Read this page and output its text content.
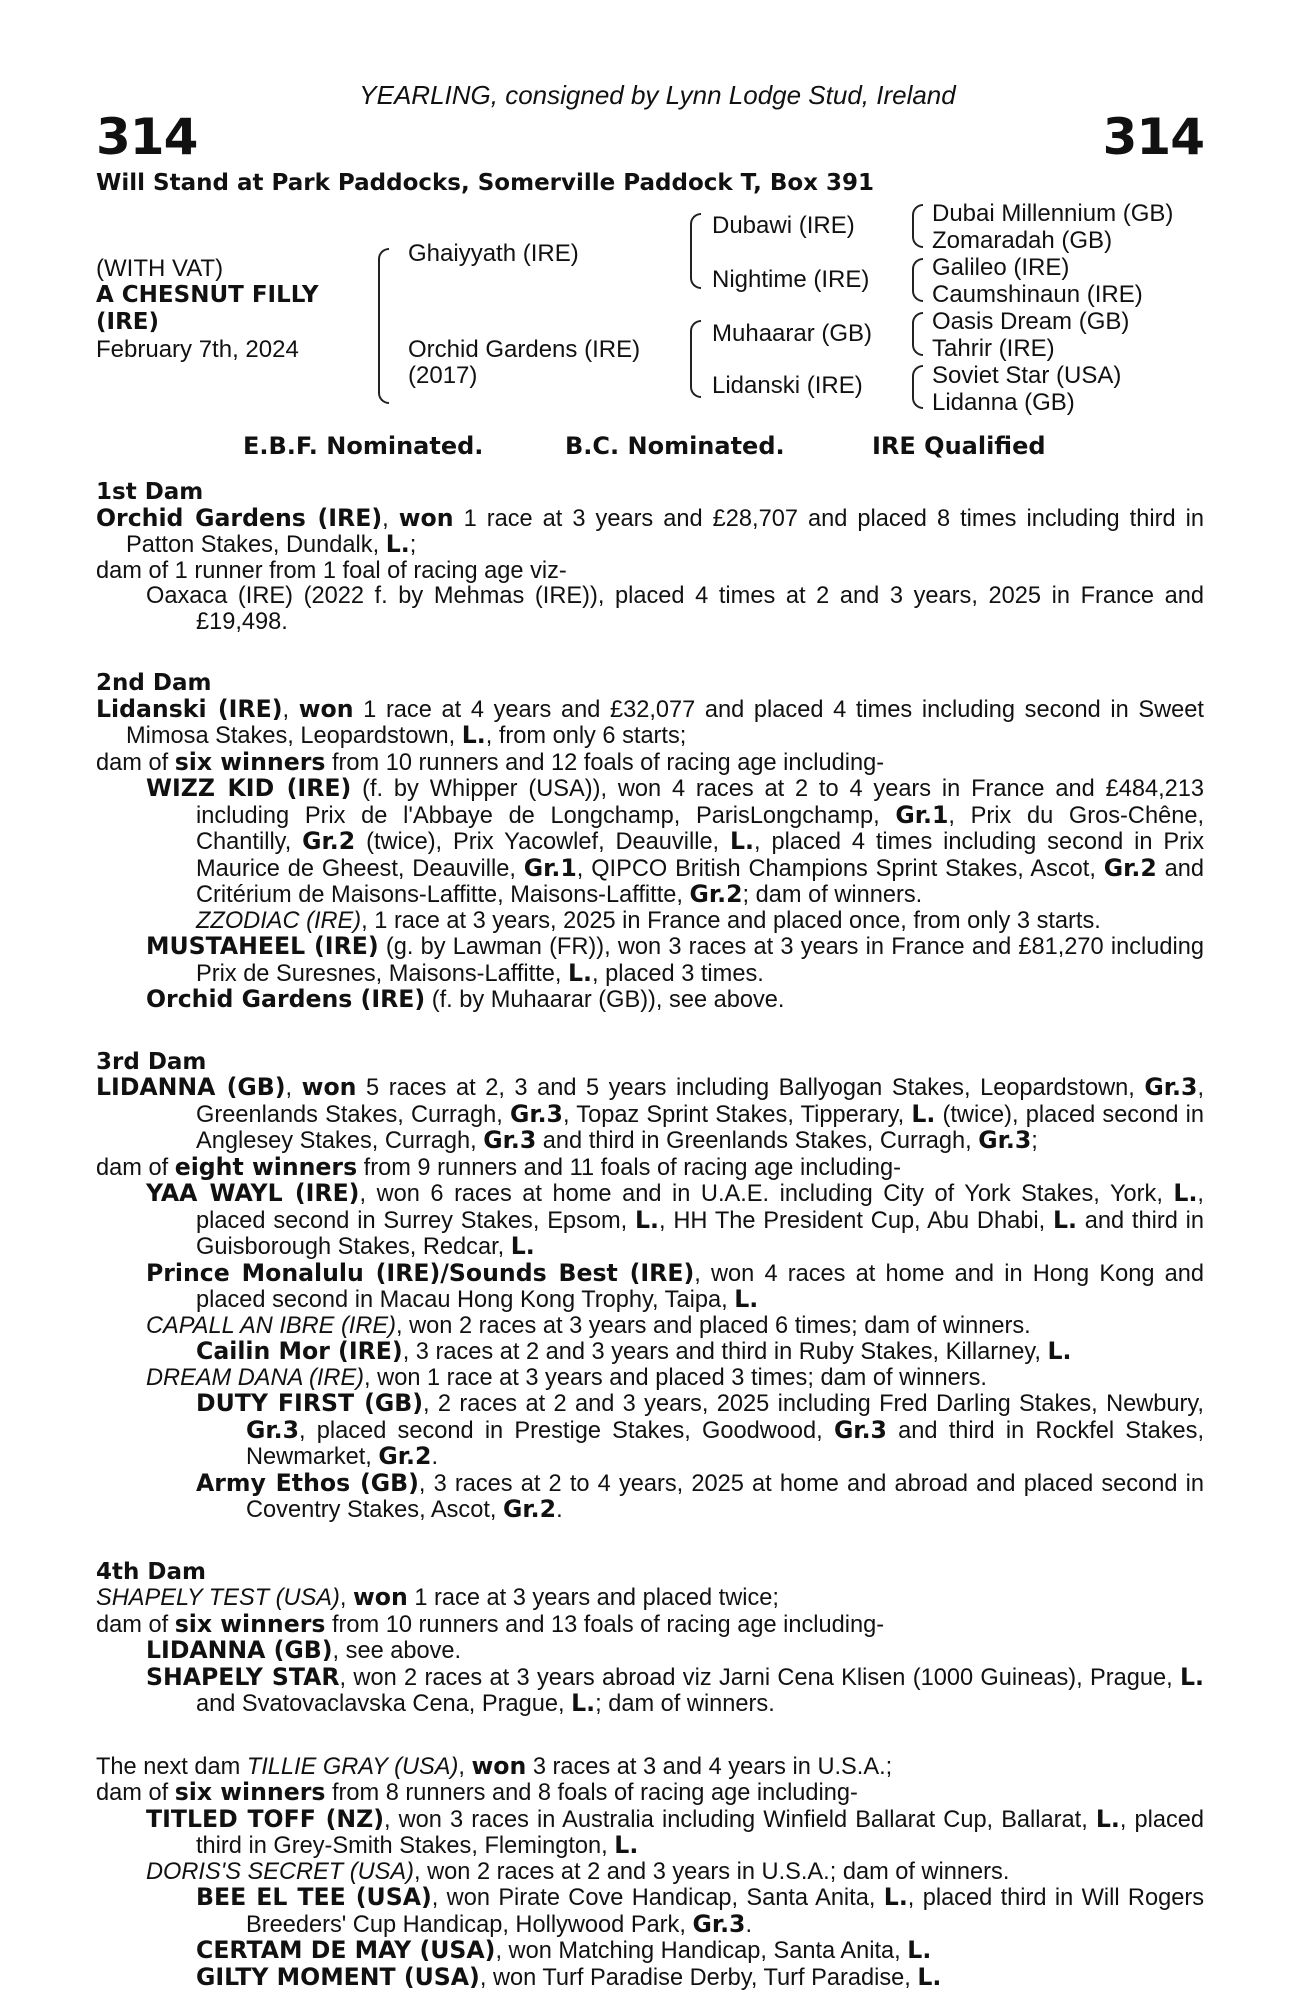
YEARLING, consigned by Lynn Lodge Stud, Ireland
314	314
Will Stand at Park Paddocks, Somerville Paddock T, Box 391
(WITH VAT)
A CHESNUT FILLY
(IRE)
February 7th, 2024
Ghaiyyath (IRE)
Orchid Gardens (IRE)
(2017)
Dubawi (IRE)
Nightime (IRE)
Muhaarar (GB)
Lidanski (IRE)
Dubai Millennium (GB)
Zomaradah (GB)
Galileo (IRE)
Caumshinaun (IRE)
Oasis Dream (GB)
Tahrir (IRE)
Soviet Star (USA)
Lidanna (GB)
E.B.F. Nominated.	B.C. Nominated.	IRE Qualified
1st Dam
Orchid Gardens (IRE), won 1 race at 3 years and £28,707 and placed 8 times including third in Patton Stakes, Dundalk, L.;
dam of 1 runner from 1 foal of racing age viz-
Oaxaca (IRE) (2022 f. by Mehmas (IRE)), placed 4 times at 2 and 3 years, 2025 in France and £19,498.
2nd Dam
Lidanski (IRE), won 1 race at 4 years and £32,077 and placed 4 times including second in Sweet Mimosa Stakes, Leopardstown, L., from only 6 starts;
dam of six winners from 10 runners and 12 foals of racing age including-
WIZZ KID (IRE) (f. by Whipper (USA)), won 4 races at 2 to 4 years in France and £484,213 including Prix de l'Abbaye de Longchamp, ParisLongchamp, Gr.1, Prix du Gros-Chêne, Chantilly, Gr.2 (twice), Prix Yacowlef, Deauville, L., placed 4 times including second in Prix Maurice de Gheest, Deauville, Gr.1, QIPCO British Champions Sprint Stakes, Ascot, Gr.2 and Critérium de Maisons-Laffitte, Maisons-Laffitte, Gr.2; dam of winners.
ZZODIAC (IRE), 1 race at 3 years, 2025 in France and placed once, from only 3 starts.
MUSTAHEEL (IRE) (g. by Lawman (FR)), won 3 races at 3 years in France and £81,270 including Prix de Suresnes, Maisons-Laffitte, L., placed 3 times.
Orchid Gardens (IRE) (f. by Muhaarar (GB)), see above.
3rd Dam
LIDANNA (GB), won 5 races at 2, 3 and 5 years including Ballyogan Stakes, Leopardstown, Gr.3, Greenlands Stakes, Curragh, Gr.3, Topaz Sprint Stakes, Tipperary, L. (twice), placed second in Anglesey Stakes, Curragh, Gr.3 and third in Greenlands Stakes, Curragh, Gr.3;
dam of eight winners from 9 runners and 11 foals of racing age including-
YAA WAYL (IRE), won 6 races at home and in U.A.E. including City of York Stakes, York, L., placed second in Surrey Stakes, Epsom, L., HH The President Cup, Abu Dhabi, L. and third in Guisborough Stakes, Redcar, L.
Prince Monalulu (IRE)/Sounds Best (IRE), won 4 races at home and in Hong Kong and placed second in Macau Hong Kong Trophy, Taipa, L.
CAPALL AN IBRE (IRE), won 2 races at 3 years and placed 6 times; dam of winners.
Cailin Mor (IRE), 3 races at 2 and 3 years and third in Ruby Stakes, Killarney, L.
DREAM DANA (IRE), won 1 race at 3 years and placed 3 times; dam of winners.
DUTY FIRST (GB), 2 races at 2 and 3 years, 2025 including Fred Darling Stakes, Newbury, Gr.3, placed second in Prestige Stakes, Goodwood, Gr.3 and third in Rockfel Stakes, Newmarket, Gr.2.
Army Ethos (GB), 3 races at 2 to 4 years, 2025 at home and abroad and placed second in Coventry Stakes, Ascot, Gr.2.
4th Dam
SHAPELY TEST (USA), won 1 race at 3 years and placed twice;
dam of six winners from 10 runners and 13 foals of racing age including-
LIDANNA (GB), see above.
SHAPELY STAR, won 2 races at 3 years abroad viz Jarni Cena Klisen (1000 Guineas), Prague, L. and Svatovaclavska Cena, Prague, L.; dam of winners.
The next dam TILLIE GRAY (USA), won 3 races at 3 and 4 years in U.S.A.;
dam of six winners from 8 runners and 8 foals of racing age including-
TITLED TOFF (NZ), won 3 races in Australia including Winfield Ballarat Cup, Ballarat, L., placed third in Grey-Smith Stakes, Flemington, L.
DORIS'S SECRET (USA), won 2 races at 2 and 3 years in U.S.A.; dam of winners.
BEE EL TEE (USA), won Pirate Cove Handicap, Santa Anita, L., placed third in Will Rogers Breeders' Cup Handicap, Hollywood Park, Gr.3.
CERTAM DE MAY (USA), won Matching Handicap, Santa Anita, L.
GILTY MOMENT (USA), won Turf Paradise Derby, Turf Paradise, L.
